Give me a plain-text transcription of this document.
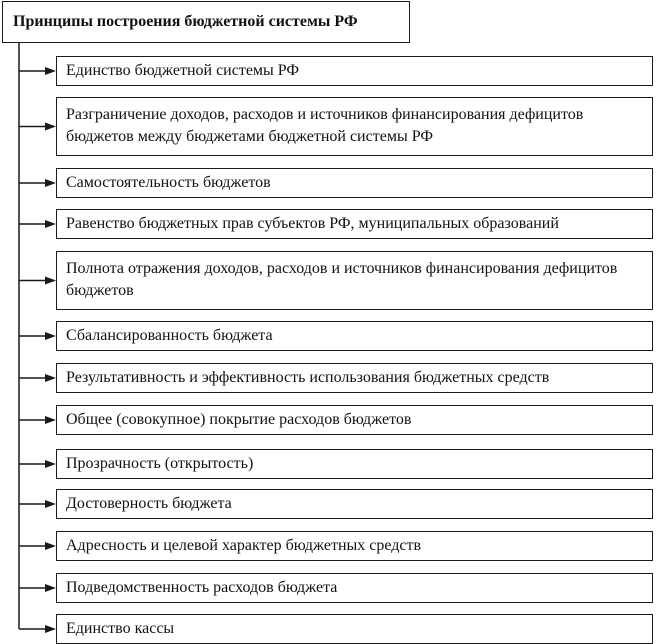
Принципы построения бюджетной системы РФ
Единство бюджетной системы РФ
Разграничение доходов, расходов и источников финансирования дефицитов бюджетов между бюджетами бюджетной системы РФ
Самостоятельность бюджетов
Равенство бюджетных прав субъектов РФ, муниципальных образований
Полнота отражения доходов, расходов и источников финансирования дефицитов бюджетов
Сбалансированность бюджета
Результативность и эффективность использования бюджетных средств
Общее (совокупное) покрытие расходов бюджетов
Прозрачность (открытость)
Достоверность бюджета
Адресность и целевой характер бюджетных средств
Подведомственность расходов бюджета
Единство кассы
